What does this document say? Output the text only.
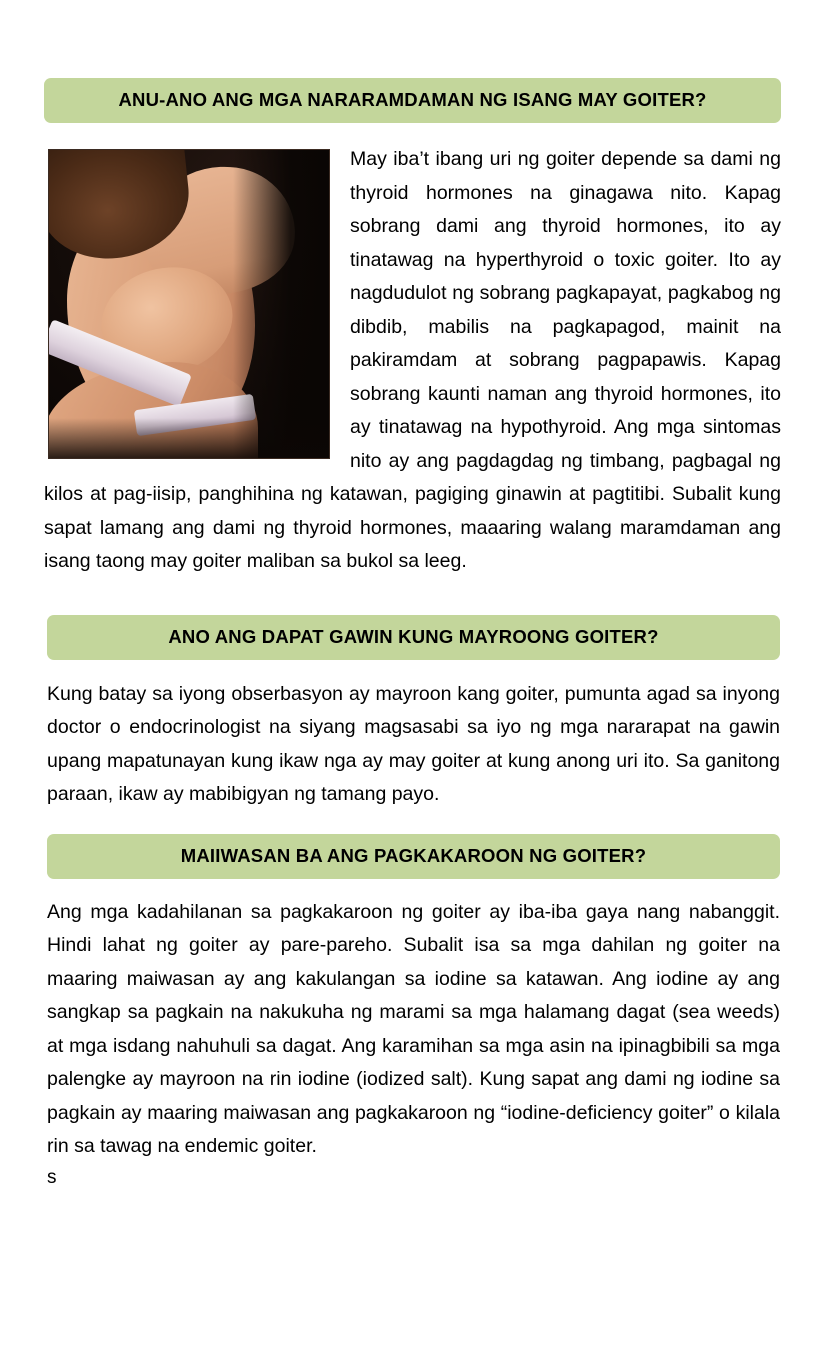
ANU-ANO ANG MGA NARARAMDAMAN NG ISANG MAY GOITER?

May iba’t ibang uri ng goiter depende sa dami ng thyroid hormones na ginagawa nito. Kapag sobrang dami ang thyroid hormones, ito ay tinatawag na hyperthyroid o toxic goiter. Ito ay nagdudulot ng sobrang pagkapayat, pagkabog ng dibdib, mabilis na pagkapagod, mainit na pakiramdam at sobrang pagpapawis. Kapag sobrang kaunti naman ang thyroid hormones, ito ay tinatawag na hypothyroid. Ang mga sintomas nito ay ang pagdagdag ng timbang, pagbagal ng kilos at pag-iisip, panghihina ng katawan, pagiging ginawin at pagtitibi. Subalit kung sapat lamang ang dami ng thyroid hormones, maaaring walang maramdaman ang isang taong may goiter maliban sa bukol sa leeg.

ANO ANG DAPAT GAWIN KUNG MAYROONG GOITER?

Kung batay sa iyong obserbasyon ay mayroon kang goiter, pumunta agad sa inyong doctor o endocrinologist na siyang magsasabi sa iyo ng mga nararapat na gawin upang mapatunayan kung ikaw nga ay may goiter at kung anong uri ito. Sa ganitong paraan, ikaw ay mabibigyan ng tamang payo.

MAIIWASAN BA ANG PAGKAKAROON NG GOITER?

Ang mga kadahilanan sa pagkakaroon ng goiter ay iba-iba gaya nang nabanggit. Hindi lahat ng goiter ay pare-pareho. Subalit isa sa mga dahilan ng goiter na maaring maiwasan ay ang kakulangan sa iodine sa katawan. Ang iodine ay ang sangkap sa pagkain na nakukuha ng marami sa mga halamang dagat (sea weeds) at mga isdang nahuhuli sa dagat. Ang karamihan sa mga asin na ipinagbibili sa mga palengke ay mayroon na rin iodine (iodized salt). Kung sapat ang dami ng iodine sa pagkain ay maaring maiwasan ang pagkakaroon ng “iodine-deficiency goiter” o kilala rin sa tawag na endemic goiter.

s
